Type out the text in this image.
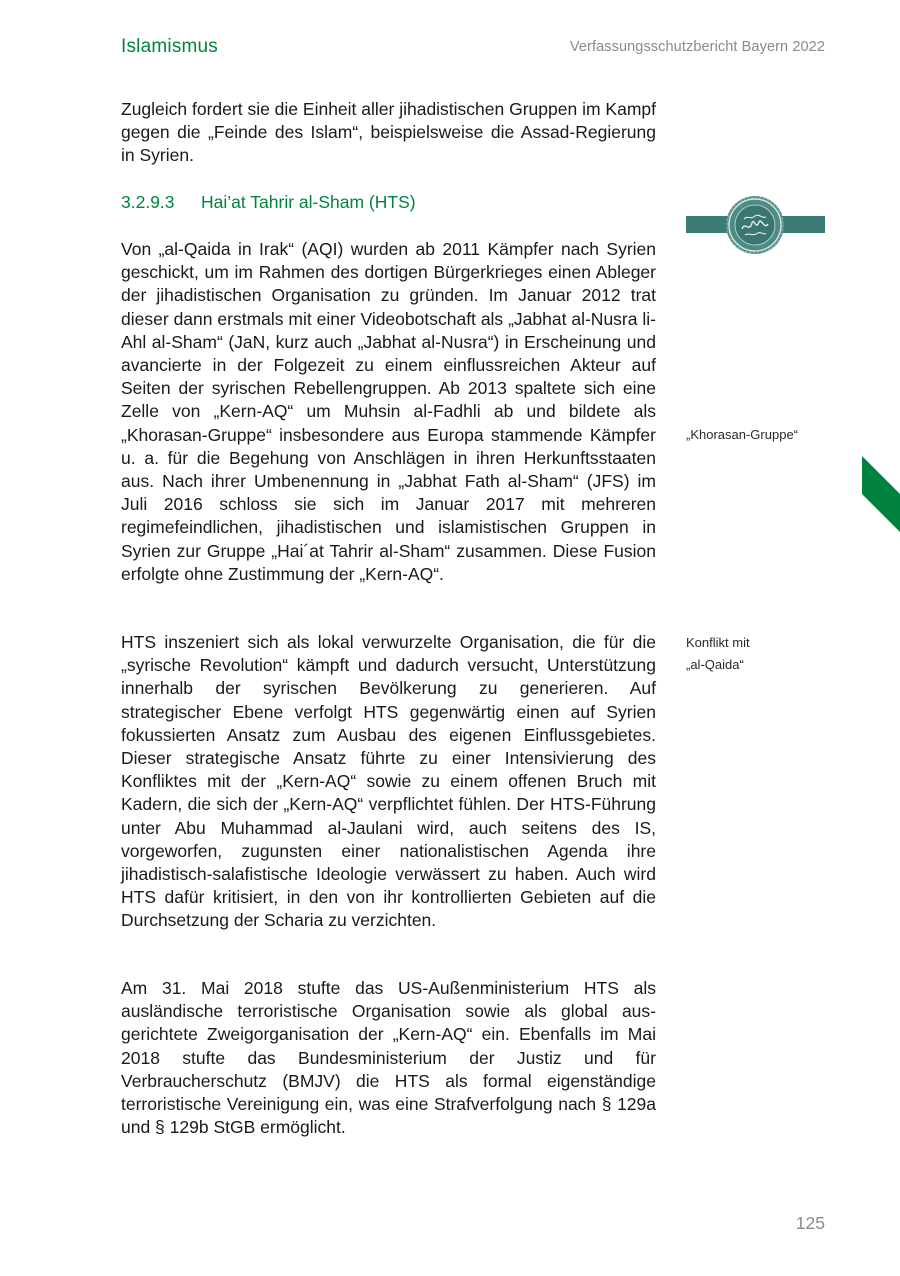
Islamismus	Verfassungsschutzbericht Bayern 2022

Zugleich fordert sie die Einheit aller jihadistischen Gruppen im Kampf gegen die „Feinde des Islam“, beispielsweise die Assad-Regierung in Syrien.

3.2.9.3 Hai’at Tahrir al-Sham (HTS)

Von „al-Qaida in Irak“ (AQI) wurden ab 2011 Kämpfer nach Syrien geschickt, um im Rahmen des dortigen Bürgerkrieges einen Ableger der jihadistischen Organisation zu gründen. Im Januar 2012 trat dieser dann erstmals mit einer Videobotschaft als „Jabhat al-Nusra li-Ahl al-Sham“ (JaN, kurz auch „Jabhat al-Nusra“) in Erscheinung und avancierte in der Folgezeit zu einem einflussreichen Akteur auf Seiten der syrischen Rebellengruppen. Ab 2013 spaltete sich eine Zelle von „Kern-AQ“ um Muhsin al-Fadhli ab und bildete als „Khorasan-Gruppe“ insbesondere aus Europa stammende Kämpfer u. a. für die Begehung von Anschlägen in ihren Herkunftsstaaten aus. Nach ihrer Umbenennung in „Jabhat Fath al-Sham“ (JFS) im Juli 2016 schloss sie sich im Januar 2017 mit mehreren regimefeindlichen, jihadistischen und islamistischen Gruppen in Syrien zur Gruppe „Hai´at Tahrir al-Sham“ zusammen. Diese Fusion erfolgte ohne Zustimmung der „Kern-AQ“.

HTS inszeniert sich als lokal verwurzelte Organisation, die für die „syrische Revolution“ kämpft und dadurch versucht, Unterstützung innerhalb der syrischen Bevölkerung zu generieren. Auf strategischer Ebene verfolgt HTS gegenwärtig einen auf Syrien fokussierten Ansatz zum Ausbau des eigenen Einflussgebietes. Dieser strategische Ansatz führte zu einer Intensivierung des Konfliktes mit der „Kern-AQ“ sowie zu einem offenen Bruch mit Kadern, die sich der „Kern-AQ“ verpflichtet fühlen. Der HTS-Führung unter Abu Muhammad al-Jaulani wird, auch seitens des IS, vorgeworfen, zugunsten einer nationalistischen Agenda ihre jihadistisch-salafistische Ideologie verwässert zu haben. Auch wird HTS dafür kritisiert, in den von ihr kontrollierten Gebieten auf die Durchsetzung der Scharia zu verzichten.

Am 31. Mai 2018 stufte das US-Außenministerium HTS als ausländische terroristische Organisation sowie als global ausgerichtete Zweigorganisation der „Kern-AQ“ ein. Ebenfalls im Mai 2018 stufte das Bundesministerium der Justiz und für Verbraucherschutz (BMJV) die HTS als formal eigenständige terroristische Vereinigung ein, was eine Strafverfolgung nach § 129a und § 129b StGB ermöglicht.

„Khorasan-Gruppe“
Konflikt mit
„al-Qaida“
125
